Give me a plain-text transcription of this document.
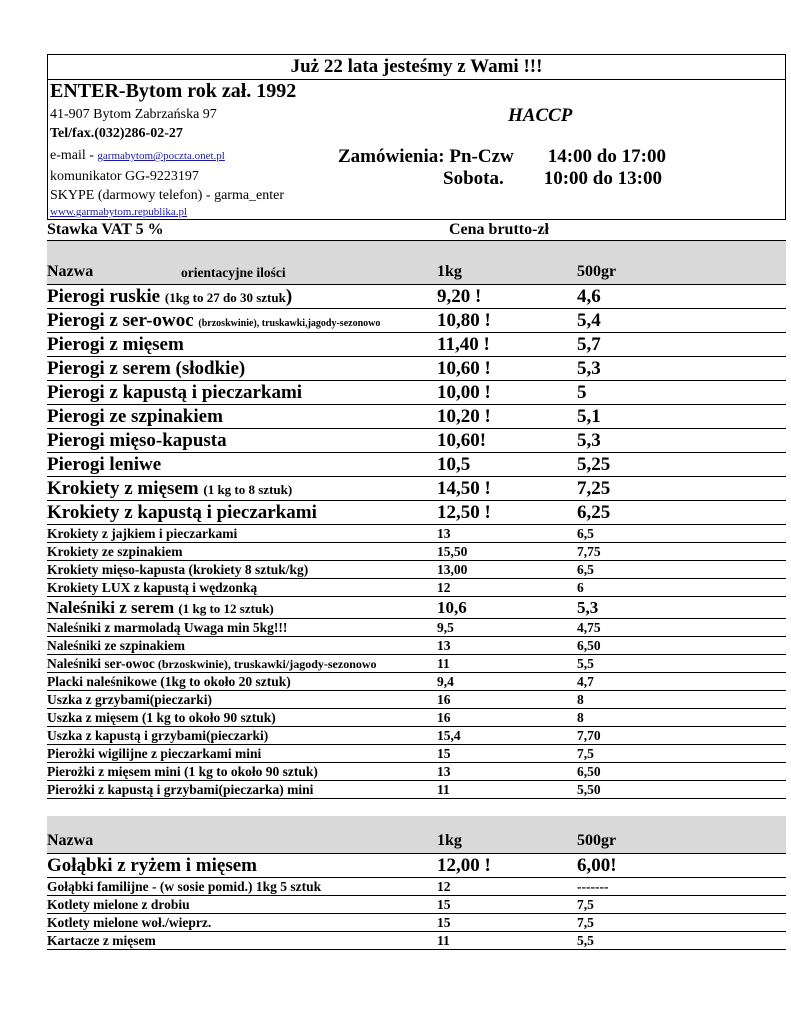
Już 22 lata jesteśmy z Wami !!!
ENTER-Bytom rok zał. 1992
HACCP
41-907 Bytom Zabrzańska 97
Tel/fax.(032)286-02-27
e-mail - garmabytom@poczta.onet.pl	Zamówienia: Pn-Czw 14:00 do 17:00
komunikator GG-9223197	Sobota. 10:00 do 13:00
SKYPE (darmowy telefon) - garma_enter
www.garmabytom.republika.pl
Stawka VAT 5 %	Cena brutto-zł
Nazwa	orientacyjne ilości	1kg	500gr
Pierogi ruskie (1kg to 27 do 30 sztuk)	9,20 !	4,6
Pierogi z ser-owoc (brzoskwinie), truskawki,jagody-sezonowo	10,80 !	5,4
Pierogi z mięsem	11,40 !	5,7
Pierogi z serem (słodkie)	10,60 !	5,3
Pierogi z kapustą i pieczarkami	10,00 !	5
Pierogi ze szpinakiem	10,20 !	5,1
Pierogi mięso-kapusta	10,60!	5,3
Pierogi leniwe	10,5	5,25
Krokiety z mięsem (1 kg to 8 sztuk)	14,50 !	7,25
Krokiety z kapustą i pieczarkami	12,50 !	6,25
Krokiety z jajkiem i pieczarkami	13	6,5
Krokiety ze szpinakiem	15,50	7,75
Krokiety mięso-kapusta (krokiety 8 sztuk/kg)	13,00	6,5
Krokiety LUX z kapustą i wędzonką	12	6
Naleśniki z serem (1 kg to 12 sztuk)	10,6	5,3
Naleśniki z marmoladą Uwaga min 5kg!!!	9,5	4,75
Naleśniki ze szpinakiem	13	6,50
Naleśniki ser-owoc (brzoskwinie), truskawki/jagody-sezonowo	11	5,5
Placki naleśnikowe (1kg to około 20 sztuk)	9,4	4,7
Uszka z grzybami(pieczarki)	16	8
Uszka z mięsem (1 kg to około 90 sztuk)	16	8
Uszka z kapustą i grzybami(pieczarki)	15,4	7,70
Pierożki wigilijne z pieczarkami mini	15	7,5
Pierożki z mięsem mini (1 kg to około 90 sztuk)	13	6,50
Pierożki z kapustą i grzybami(pieczarka) mini	11	5,50
Nazwa	1kg	500gr
Gołąbki z ryżem i mięsem	12,00 !	6,00!
Gołąbki familijne - (w sosie pomid.) 1kg 5 sztuk	12	-------
Kotlety mielone z drobiu	15	7,5
Kotlety mielone woł./wieprz.	15	7,5
Kartacze z mięsem	11	5,5
